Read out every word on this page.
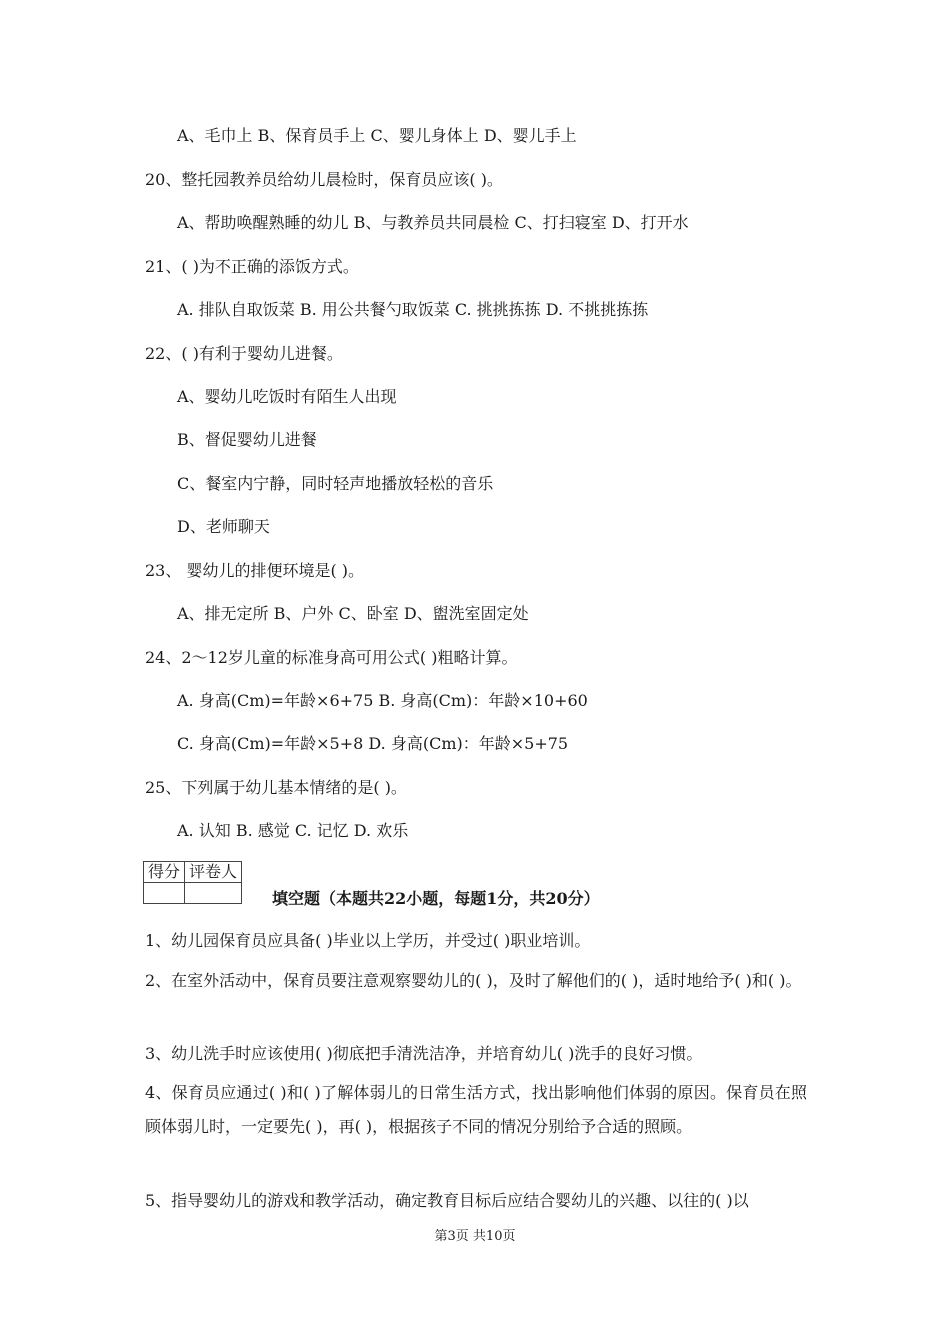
A、毛巾上 B、保育员手上 C、婴儿身体上 D、婴儿手上
20、整托园教养员给幼儿晨检时，保育员应该( )。
A、帮助唤醒熟睡的幼儿 B、与教养员共同晨检 C、打扫寝室 D、打开水
21、( )为不正确的添饭方式。
A. 排队自取饭菜 B. 用公共餐勺取饭菜 C. 挑挑拣拣 D. 不挑挑拣拣
22、( )有利于婴幼儿进餐。
A、婴幼儿吃饭时有陌生人出现
B、督促婴幼儿进餐
C、餐室内宁静，同时轻声地播放轻松的音乐
D、老师聊天
23、 婴幼儿的排便环境是( )。
A、排无定所 B、户外 C、卧室 D、盥洗室固定处
24、2～12岁儿童的标准身高可用公式( )粗略计算。
A. 身高(Cm)=年龄×6+75 B. 身高(Cm)：年龄×10+60
C. 身高(Cm)=年龄×5+8 D. 身高(Cm)：年龄×5+75
25、下列属于幼儿基本情绪的是( )。
A. 认知 B. 感觉 C. 记忆 D. 欢乐
得分	评卷人

填空题（本题共22小题，每题1分，共20分）
1、幼儿园保育员应具备( )毕业以上学历，并受过( )职业培训。
2、在室外活动中，保育员要注意观察婴幼儿的( )，及时了解他们的( )，适时地给予( )和( )。
3、幼儿洗手时应该使用( )彻底把手清洗洁净，并培育幼儿( )洗手的良好习惯。
4、保育员应通过( )和( )了解体弱儿的日常生活方式，找出影响他们体弱的原因。保育员在照顾体弱儿时，一定要先( )，再( )，根据孩子不同的情况分别给予合适的照顾。
5、指导婴幼儿的游戏和教学活动，确定教育目标后应结合婴幼儿的兴趣、以往的( )以
第3页 共10页
